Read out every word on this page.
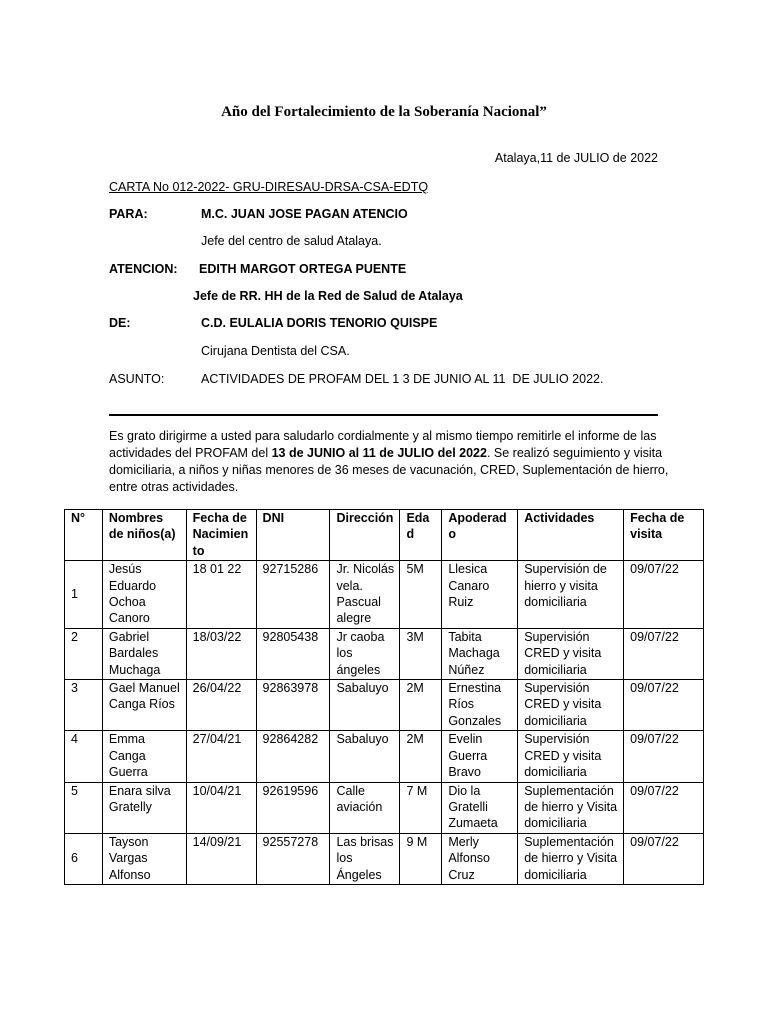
Año del Fortalecimiento de la Soberanía Nacional”
Atalaya,11 de JULIO de 2022
CARTA No 012-2022- GRU-DIRESAU-DRSA-CSA-EDTQ
PARA:	M.C. JUAN JOSE PAGAN ATENCIO
Jefe del centro de salud Atalaya.
ATENCION: EDITH MARGOT ORTEGA PUENTE
Jefe de RR. HH de la Red de Salud de Atalaya
DE:	C.D. EULALIA DORIS TENORIO QUISPE
Cirujana Dentista del CSA.
ASUNTO:	ACTIVIDADES DE PROFAM DEL 1 3 DE JUNIO AL 11  DE JULIO 2022.
Es grato dirigirme a usted para saludarlo cordialmente y al mismo tiempo remitirle el informe de las actividades del PROFAM del 13 de JUNIO al 11 de JULIO del 2022. Se realizó seguimiento y visita domiciliaria, a niños y niñas menores de 36 meses de vacunación, CRED, Suplementación de hierro, entre otras actividades.
N°	Nombres de niños(a)	Fecha de Nacimiento	DNI	Dirección	Edad	Apoderado	Actividades	Fecha de visita
1	Jesús Eduardo Ochoa Canoro	18 01 22	92715286	Jr. Nicolás vela. Pascual alegre	5M	Llesica Canaro Ruiz	Supervisión de hierro y visita domiciliaria	09/07/22
2	Gabriel Bardales Muchaga	18/03/22	92805438	Jr caoba los ángeles	3M	Tabita Machaga Núñez	Supervisión CRED y visita domiciliaria	09/07/22
3	Gael Manuel Canga Ríos	26/04/22	92863978	Sabaluyo	2M	Ernestina Ríos Gonzales	Supervisión CRED y visita domiciliaria	09/07/22
4	Emma Canga Guerra	27/04/21	92864282	Sabaluyo	2M	Evelin Guerra Bravo	Supervisión CRED y visita domiciliaria	09/07/22
5	Enara silva Gratelly	10/04/21	92619596	Calle aviación	7 M	Dio la Gratelli Zumaeta	Suplementación de hierro y Visita domiciliaria	09/07/22
6	Tayson Vargas Alfonso	14/09/21	92557278	Las brisas los Ángeles	9 M	Merly Alfonso Cruz	Suplementación de hierro y Visita domiciliaria	09/07/22
